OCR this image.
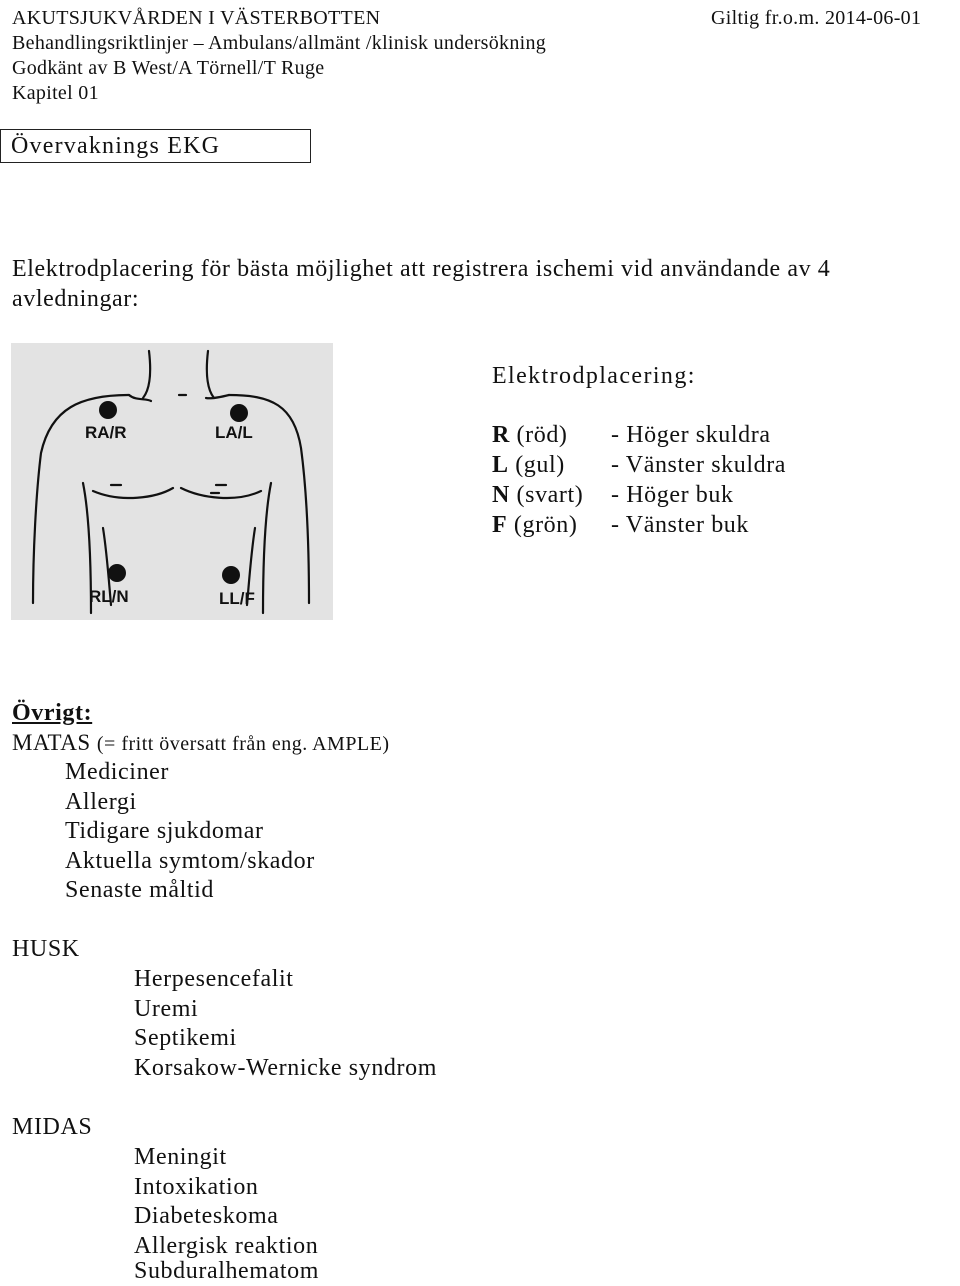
AKUTSJUKVÅRDEN I VÄSTERBOTTEN	Giltig fr.o.m. 2014-06-01
Behandlingsriktlinjer – Ambulans/allmänt /klinisk undersökning
Godkänt av B West/A Törnell/T Ruge
Kapitel 01
Övervaknings EKG
Elektrodplacering för bästa möjlighet att registrera ischemi vid användande av 4
avledningar:
RA/R	LA/L
RL/N	LL/F
Elektrodplacering:
R (röd) - Höger skuldra
L (gul) - Vänster skuldra
N (svart) - Höger buk
F (grön) - Vänster buk
Övrigt:
MATAS (= fritt översatt från eng. AMPLE)
Mediciner
Allergi
Tidigare sjukdomar
Aktuella symtom/skador
Senaste måltid
HUSK
Herpesencefalit
Uremi
Septikemi
Korsakow-Wernicke syndrom
MIDAS
Meningit
Intoxikation
Diabeteskoma
Allergisk reaktion
Subduralhematom
